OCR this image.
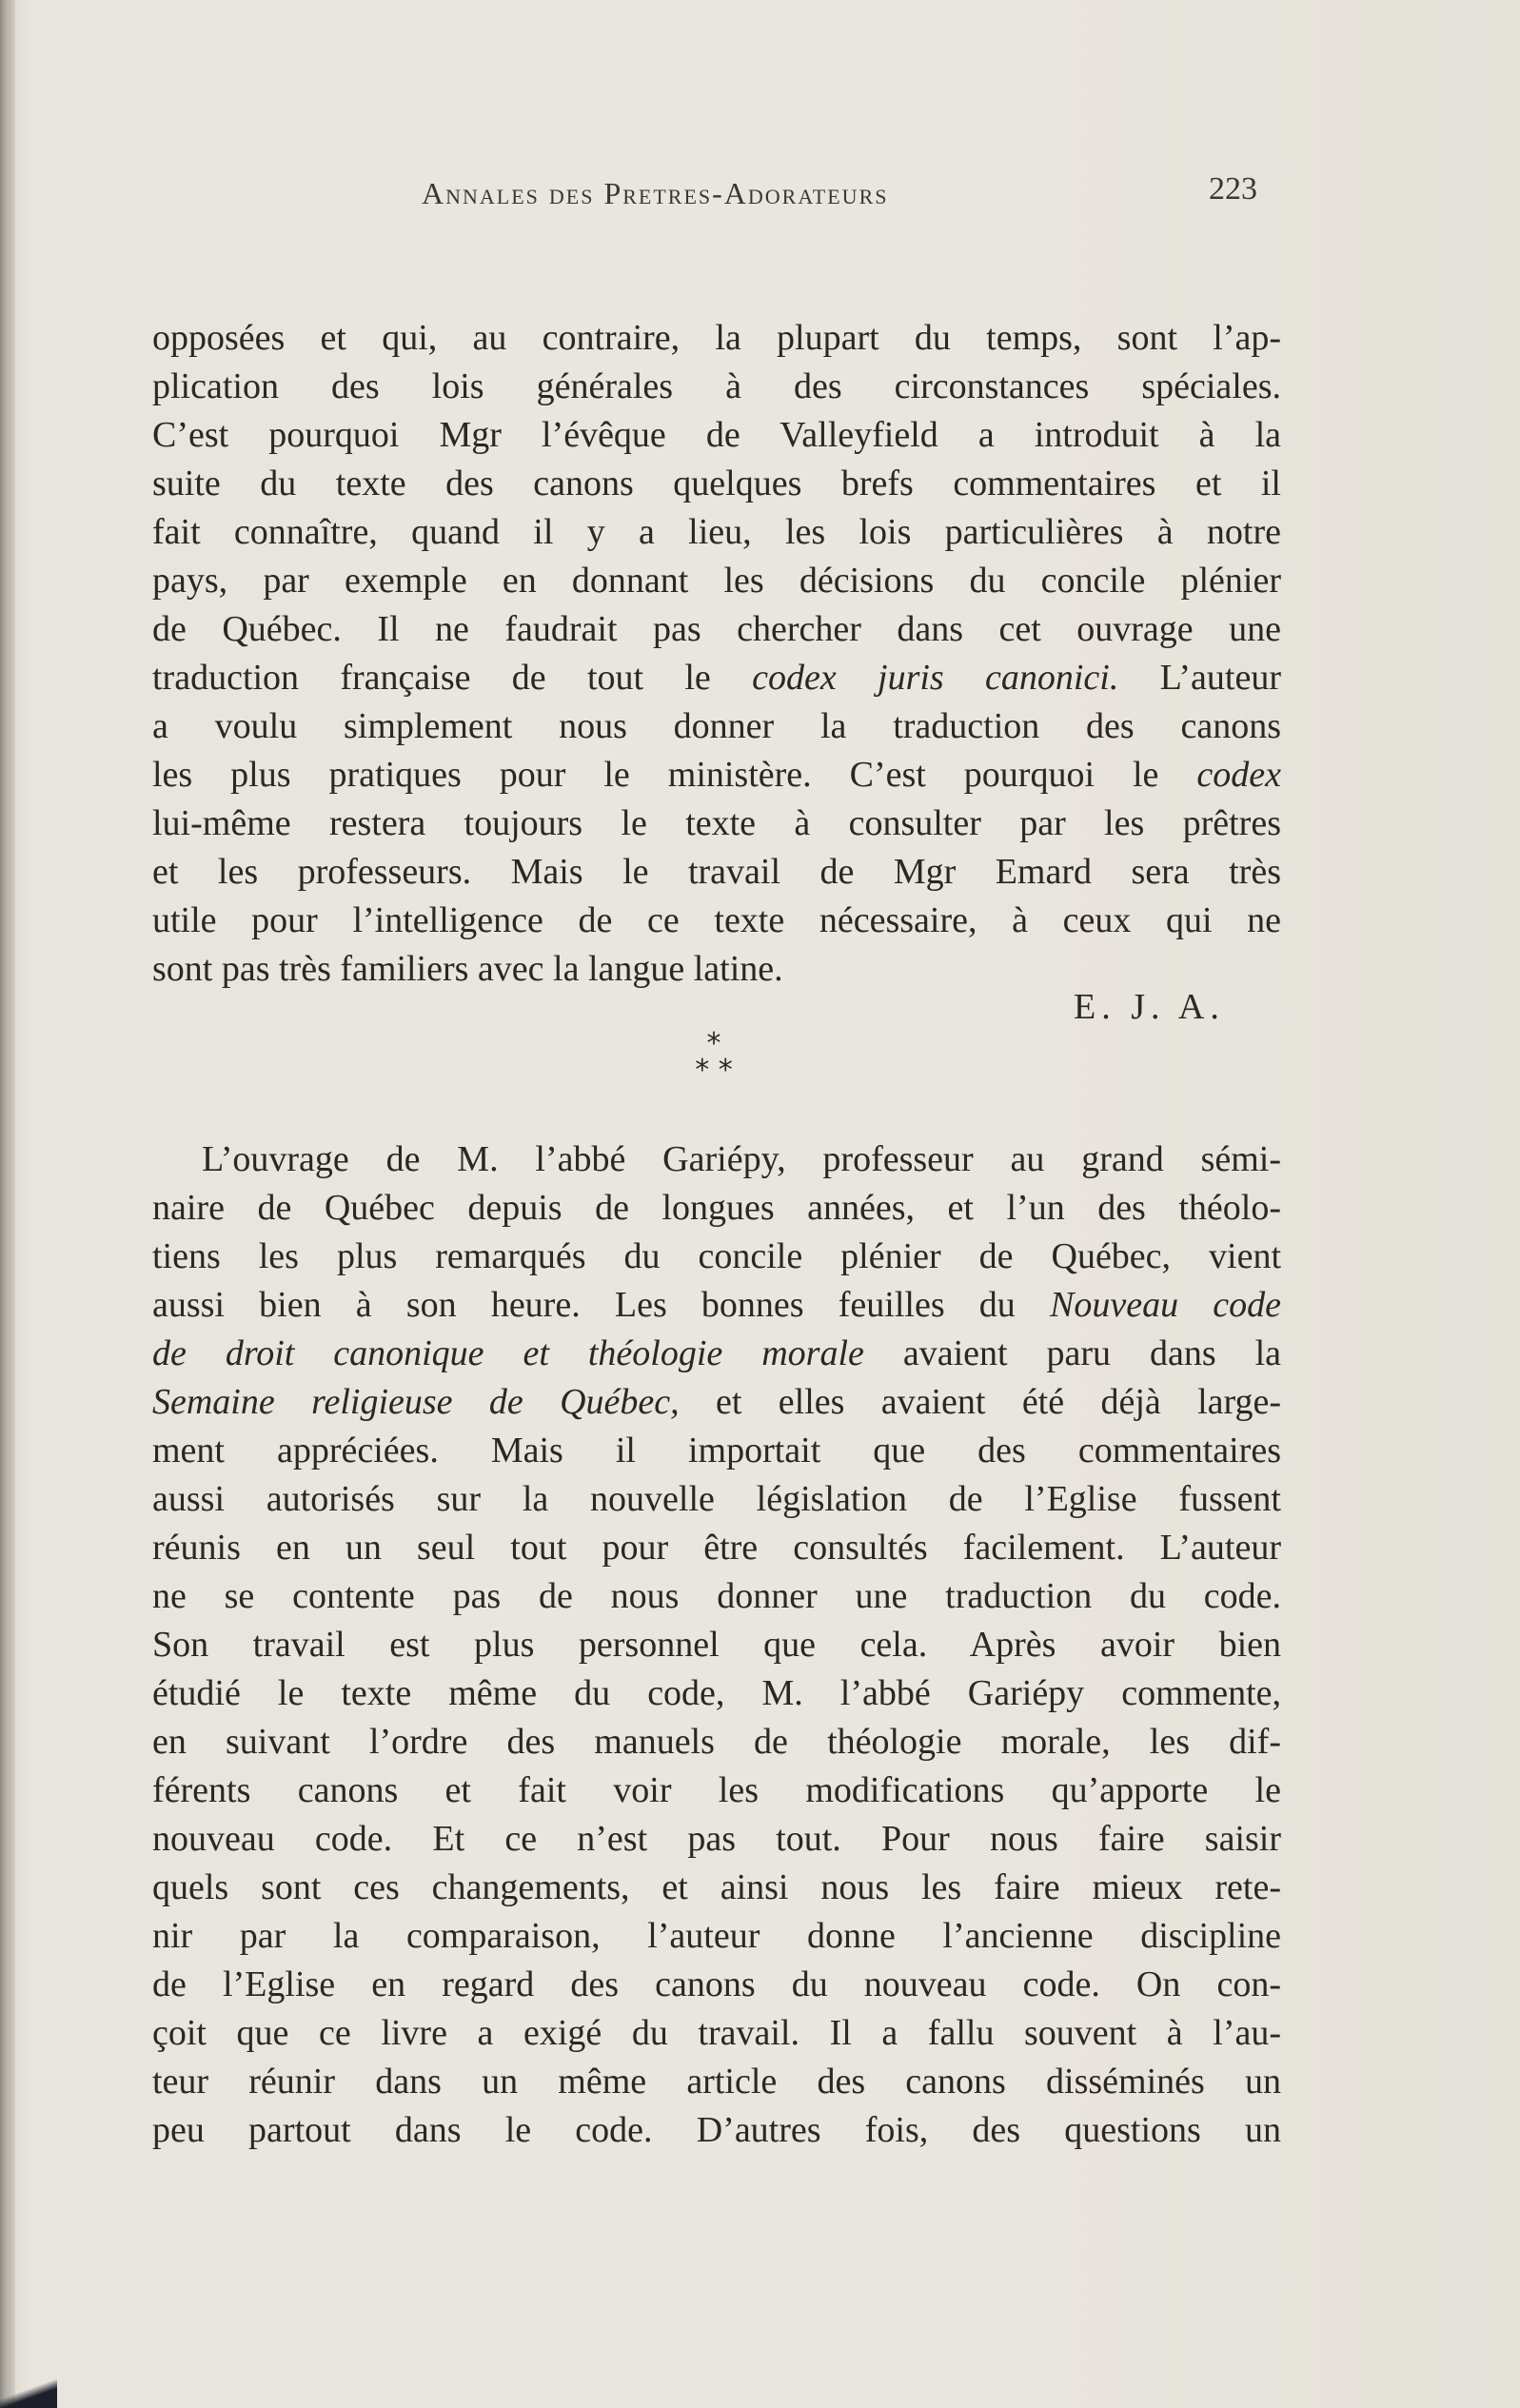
Annales des Pretres-Adorateurs	223
opposées et qui, au contraire, la plupart du temps, sont l’ap-
plication des lois générales à des circonstances spéciales.
C’est pourquoi Mgr l’évêque de Valleyfield a introduit à la
suite du texte des canons quelques brefs commentaires et il
fait connaître, quand il y a lieu, les lois particulières à notre
pays, par exemple en donnant les décisions du concile plénier
de Québec. Il ne faudrait pas chercher dans cet ouvrage une
traduction française de tout le codex juris canonici. L’auteur
a voulu simplement nous donner la traduction des canons
les plus pratiques pour le ministère. C’est pourquoi le codex
lui-même restera toujours le texte à consulter par les prêtres
et les professeurs. Mais le travail de Mgr Emard sera très
utile pour l’intelligence de ce texte nécessaire, à ceux qui ne
sont pas très familiers avec la langue latine.
E. J. A.
*
* *
L’ouvrage de M. l’abbé Gariépy, professeur au grand sémi-
naire de Québec depuis de longues années, et l’un des théolo-
tiens les plus remarqués du concile plénier de Québec, vient
aussi bien à son heure. Les bonnes feuilles du Nouveau code
de droit canonique et théologie morale avaient paru dans la
Semaine religieuse de Québec, et elles avaient été déjà large-
ment appréciées. Mais il importait que des commentaires
aussi autorisés sur la nouvelle législation de l’Eglise fussent
réunis en un seul tout pour être consultés facilement. L’auteur
ne se contente pas de nous donner une traduction du code.
Son travail est plus personnel que cela. Après avoir bien
étudié le texte même du code, M. l’abbé Gariépy commente,
en suivant l’ordre des manuels de théologie morale, les dif-
férents canons et fait voir les modifications qu’apporte le
nouveau code. Et ce n’est pas tout. Pour nous faire saisir
quels sont ces changements, et ainsi nous les faire mieux rete-
nir par la comparaison, l’auteur donne l’ancienne discipline
de l’Eglise en regard des canons du nouveau code. On con-
çoit que ce livre a exigé du travail. Il a fallu souvent à l’au-
teur réunir dans un même article des canons disséminés un
peu partout dans le code. D’autres fois, des questions un
